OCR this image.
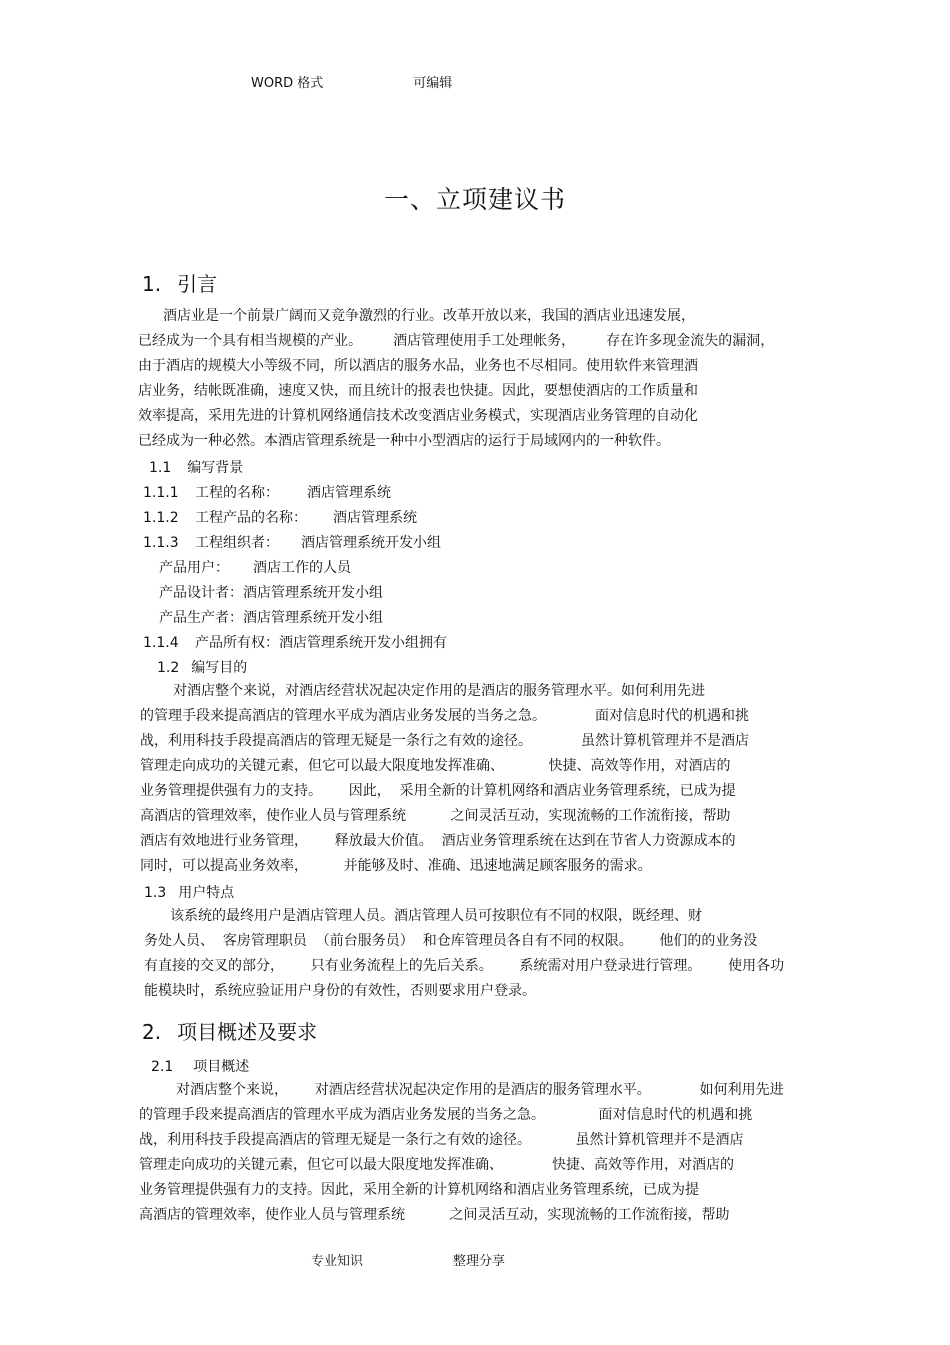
WORD 格式	可编辑
一、立项建议书
1. 引言
酒店业是一个前景广阔而又竞争激烈的行业。改革开放以来，我国的酒店业迅速发展，
已经成为一个具有相当规模的产业。       酒店管理使用手工处理帐务，       存在许多现金流失的漏洞，
由于酒店的规模大小等级不同，所以酒店的服务水品，业务也不尽相同。使用软件来管理酒
店业务，结帐既准确，速度又快，而且统计的报表也快捷。因此，要想使酒店的工作质量和
效率提高，采用先进的计算机网络通信技术改变酒店业务模式，实现酒店业务管理的自动化
已经成为一种必然。本酒店管理系统是一种中小型酒店的运行于局域网内的一种软件。
1.1 编写背景
1.1.1 工程的名称： 酒店管理系统
1.1.2 工程产品的名称： 酒店管理系统
1.1.3 工程组织者： 酒店管理系统开发小组
产品用户： 酒店工作的人员
产品设计者：酒店管理系统开发小组
产品生产者：酒店管理系统开发小组
1.1.4 产品所有权：酒店管理系统开发小组拥有
1.2 编写目的
对酒店整个来说，对酒店经营状况起决定作用的是酒店的服务管理水平。如何利用先进
的管理手段来提高酒店的管理水平成为酒店业务发展的当务之急。           面对信息时代的机遇和挑
战，利用科技手段提高酒店的管理无疑是一条行之有效的途径。           虽然计算机管理并不是酒店
管理走向成功的关键元素，但它可以最大限度地发挥准确、          快捷、高效等作用，对酒店的
业务管理提供强有力的支持。      因此，  采用全新的计算机网络和酒店业务管理系统，已成为提
高酒店的管理效率，使作业人员与管理系统          之间灵活互动，实现流畅的工作流衔接，帮助
酒店有效地进行业务管理，      释放最大价值。  酒店业务管理系统在达到在节省人力资源成本的
同时，可以提高业务效率，        并能够及时、准确、迅速地满足顾客服务的需求。
1.3 用户特点
该系统的最终用户是酒店管理人员。酒店管理人员可按职位有不同的权限，既经理、财
务处人员、  客房管理职员  （前台服务员）  和仓库管理员各自有不同的权限。      他们的的业务没
有直接的交叉的部分，      只有业务流程上的先后关系。      系统需对用户登录进行管理。      使用各功
能模块时，系统应验证用户身份的有效性，否则要求用户登录。
2. 项目概述及要求
2.1 项目概述
对酒店整个来说，      对酒店经营状况起决定作用的是酒店的服务管理水平。           如何利用先进
的管理手段来提高酒店的管理水平成为酒店业务发展的当务之急。            面对信息时代的机遇和挑
战，利用科技手段提高酒店的管理无疑是一条行之有效的途径。          虽然计算机管理并不是酒店
管理走向成功的关键元素，但它可以最大限度地发挥准确、           快捷、高效等作用，对酒店的
业务管理提供强有力的支持。因此，采用全新的计算机网络和酒店业务管理系统，已成为提
高酒店的管理效率，使作业人员与管理系统          之间灵活互动，实现流畅的工作流衔接，帮助
专业知识	整理分享
